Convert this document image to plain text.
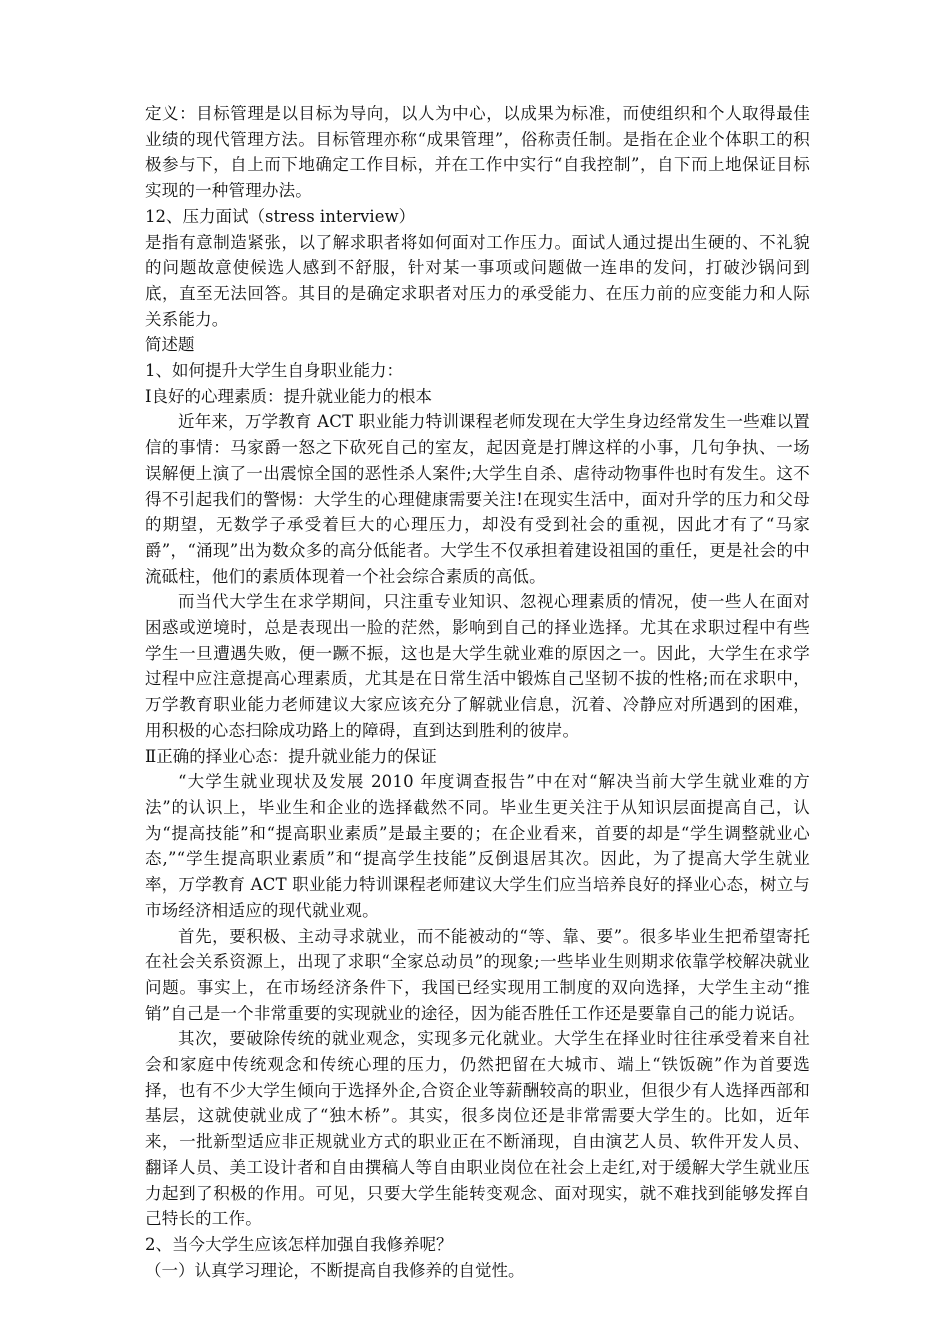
定义：目标管理是以目标为导向，以人为中心，以成果为标准，而使组织和个人取得最佳业绩的现代管理方法。目标管理亦称“成果管理”，俗称责任制。是指在企业个体职工的积极参与下，自上而下地确定工作目标，并在工作中实行“自我控制”，自下而上地保证目标实现的一种管理办法。

12、压力面试（stress interview）

是指有意制造紧张，以了解求职者将如何面对工作压力。面试人通过提出生硬的、不礼貌的问题故意使候选人感到不舒服，针对某一事项或问题做一连串的发问，打破沙锅问到底，直至无法回答。其目的是确定求职者对压力的承受能力、在压力前的应变能力和人际关系能力。

简述题

1、如何提升大学生自身职业能力：

Ⅰ良好的心理素质：提升就业能力的根本

近年来，万学教育 ACT 职业能力特训课程老师发现在大学生身边经常发生一些难以置信的事情：马家爵一怒之下砍死自己的室友，起因竟是打牌这样的小事，几句争执、一场误解便上演了一出震惊全国的恶性杀人案件;大学生自杀、虐待动物事件也时有发生。这不得不引起我们的警惕：大学生的心理健康需要关注!在现实生活中，面对升学的压力和父母的期望，无数学子承受着巨大的心理压力，却没有受到社会的重视，因此才有了“马家爵”，“涌现”出为数众多的高分低能者。大学生不仅承担着建设祖国的重任，更是社会的中流砥柱，他们的素质体现着一个社会综合素质的高低。

而当代大学生在求学期间，只注重专业知识、忽视心理素质的情况，使一些人在面对困惑或逆境时，总是表现出一脸的茫然，影响到自己的择业选择。尤其在求职过程中有些学生一旦遭遇失败，便一蹶不振，这也是大学生就业难的原因之一。因此，大学生在求学过程中应注意提高心理素质，尤其是在日常生活中锻炼自己坚韧不拔的性格;而在求职中，万学教育职业能力老师建议大家应该充分了解就业信息，沉着、冷静应对所遇到的困难，用积极的心态扫除成功路上的障碍，直到达到胜利的彼岸。

Ⅱ正确的择业心态：提升就业能力的保证

“大学生就业现状及发展 2010 年度调查报告”中在对“解决当前大学生就业难的方法”的认识上，毕业生和企业的选择截然不同。毕业生更关注于从知识层面提高自己，认为“提高技能”和“提高职业素质”是最主要的；在企业看来，首要的却是“学生调整就业心态,”“学生提高职业素质”和“提高学生技能”反倒退居其次。因此，为了提高大学生就业率，万学教育 ACT 职业能力特训课程老师建议大学生们应当培养良好的择业心态，树立与市场经济相适应的现代就业观。

首先，要积极、主动寻求就业，而不能被动的“等、靠、要”。很多毕业生把希望寄托在社会关系资源上，出现了求职“全家总动员”的现象;一些毕业生则期求依靠学校解决就业问题。事实上，在市场经济条件下，我国已经实现用工制度的双向选择，大学生主动“推销”自己是一个非常重要的实现就业的途径，因为能否胜任工作还是要靠自己的能力说话。

其次，要破除传统的就业观念，实现多元化就业。大学生在择业时往往承受着来自社会和家庭中传统观念和传统心理的压力，仍然把留在大城市、端上“铁饭碗”作为首要选择，也有不少大学生倾向于选择外企,合资企业等薪酬较高的职业，但很少有人选择西部和基层，这就使就业成了“独木桥”。其实，很多岗位还是非常需要大学生的。比如，近年来，一批新型适应非正规就业方式的职业正在不断涌现，自由演艺人员、软件开发人员、翻译人员、美工设计者和自由撰稿人等自由职业岗位在社会上走红,对于缓解大学生就业压力起到了积极的作用。可见，只要大学生能转变观念、面对现实，就不难找到能够发挥自己特长的工作。

2、当今大学生应该怎样加强自我修养呢？

（一）认真学习理论，不断提高自我修养的自觉性。
